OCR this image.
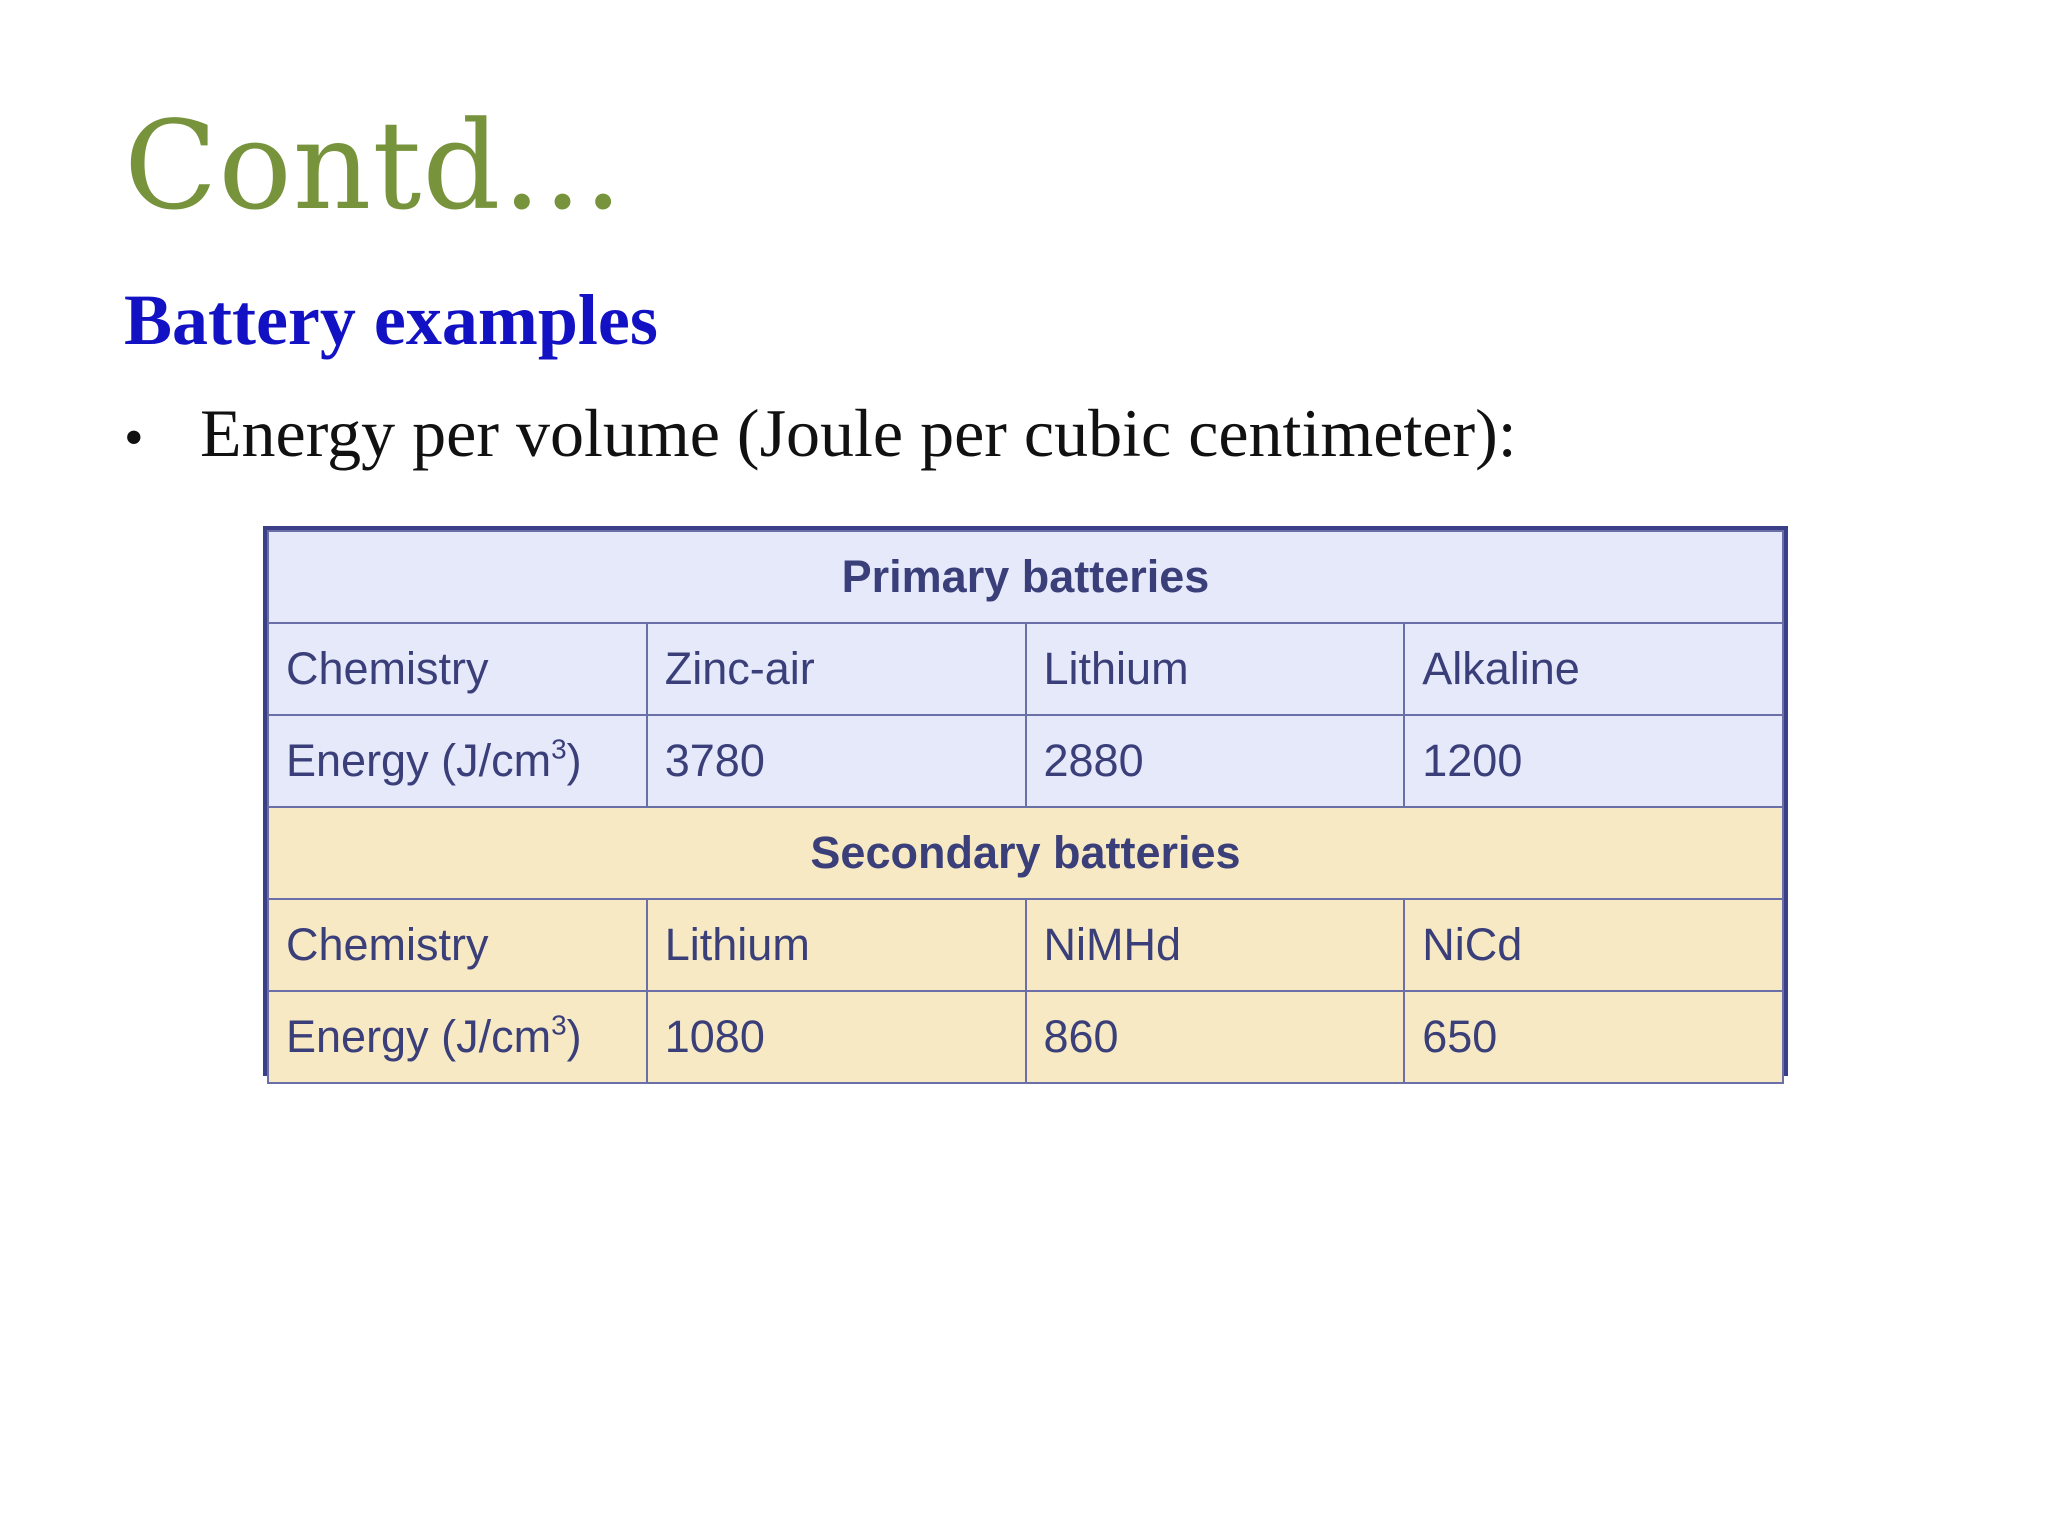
Contd…
Battery examples
• Energy per volume (Joule per cubic centimeter):
Primary batteries			
Chemistry	Zinc-air	Lithium	Alkaline
Energy $(J/cm^3)$	3780	2880	1200
Secondary batteries			
Chemistry	Lithium	NiMHd	NiCd
Energy $(J/cm^3)$	1080	860	650
